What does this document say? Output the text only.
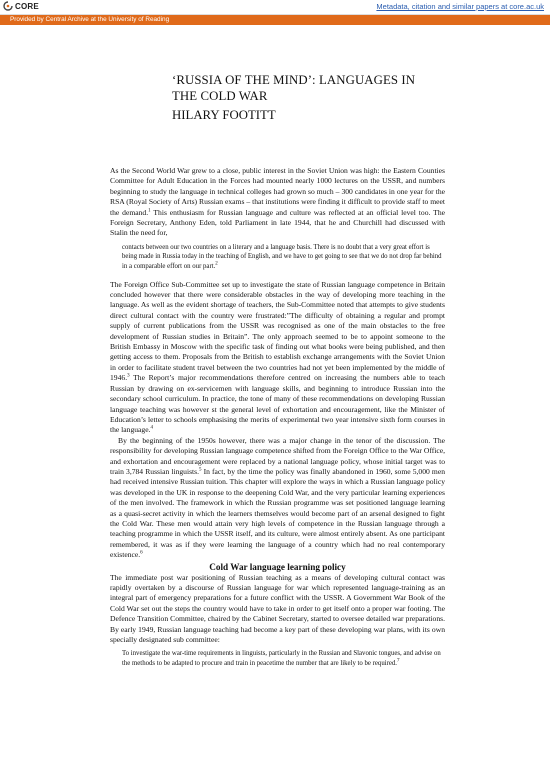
CORE	Metadata, citation and similar papers at core.ac.uk
Provided by Central Archive at the University of Reading
‘RUSSIA OF THE MIND’: LANGUAGES IN
THE COLD WAR
HILARY FOOTITT

As the Second World War grew to a close, public interest in the Soviet Union was high: the Eastern Counties Committee for Adult Education in the Forces had mounted nearly 1000 lectures on the USSR, and numbers beginning to study the language in technical colleges had grown so much – 300 candidates in one year for the RSA (Royal Society of Arts) Russian exams – that institutions were finding it difficult to provide staff to meet the demand.$^1$ This enthusiasm for Russian language and culture was reflected at an official level too. The Foreign Secretary, Anthony Eden, told Parliament in late 1944, that he and Churchill had discussed with Stalin the need for,

contacts between our two countries on a literary and a language basis. There is no doubt that a very great effort is being made in Russia today in the teaching of English, and we have to get going to see that we do not drop far behind in a comparable effort on our part.$^2$

The Foreign Office Sub-Committee set up to investigate the state of Russian language competence in Britain concluded however that there were considerable obstacles in the way of developing more teaching in the language. As well as the evident shortage of teachers, the Sub-Committee noted that attempts to give students direct cultural contact with the country were frustrated:”The difficulty of obtaining a regular and prompt supply of current publications from the USSR was recognised as one of the main obstacles to the free development of Russian studies in Britain”. The only approach seemed to be to appoint someone to the British Embassy in Moscow with the specific task of finding out what books were being published, and then getting access to them. Proposals from the British to establish exchange arrangements with the Soviet Union in order to facilitate student travel between the two countries had not yet been implemented by the middle of 1946.$^3$ The Report’s major recommendations therefore centred on increasing the numbers able to teach Russian by drawing on ex-servicemen with language skills, and beginning to introduce Russian into the secondary school curriculum. In practice, the tone of many of these recommendations on developing Russian language teaching was however st the general level of exhortation and encouragement, like the Minister of Education’s letter to schools emphasising the merits of experimental two year intensive sixth form courses in the language.$^4$

By the beginning of the 1950s however, there was a major change in the tenor of the discussion. The responsibility for developing Russian language competence shifted from the Foreign Office to the War Office, and exhortation and encouragement were replaced by a national language policy, whose initial target was to train 3,784 Russian linguists.$^5$ In fact, by the time the policy was finally abandoned in 1960, some 5,000 men had received intensive Russian tuition. This chapter will explore the ways in which a Russian language policy was developed in the UK in response to the deepening Cold War, and the very particular learning experiences of the men involved. The framework in which the Russian programme was set positioned language learning as a quasi-secret activity in which the learners themselves would become part of an arsenal designed to fight the Cold War. These men would attain very high levels of competence in the Russian language through a teaching programme in which the USSR itself, and its culture, were almost entirely absent. As one participant remembered, it was as if they were learning the language of a country which had no real contemporary existence.$^6$

Cold War language learning policy

The immediate post war positioning of Russian teaching as a means of developing cultural contact was rapidly overtaken by a discourse of Russian language for war which represented language-training as an integral part of emergency preparations for a future conflict with the USSR. A Government War Book of the Cold War set out the steps the country would have to take in order to get itself onto a proper war footing. The Defence Transition Committee, chaired by the Cabinet Secretary, started to oversee detailed war preparations. By early 1949, Russian language teaching had become a key part of these developing war plans, with its own specially designated sub committee:

To investigate the war-time requirements in linguists, particularly in the Russian and Slavonic tongues, and advise on the methods to be adapted to procure and train in peacetime the number that are likely to be required.$^7$
